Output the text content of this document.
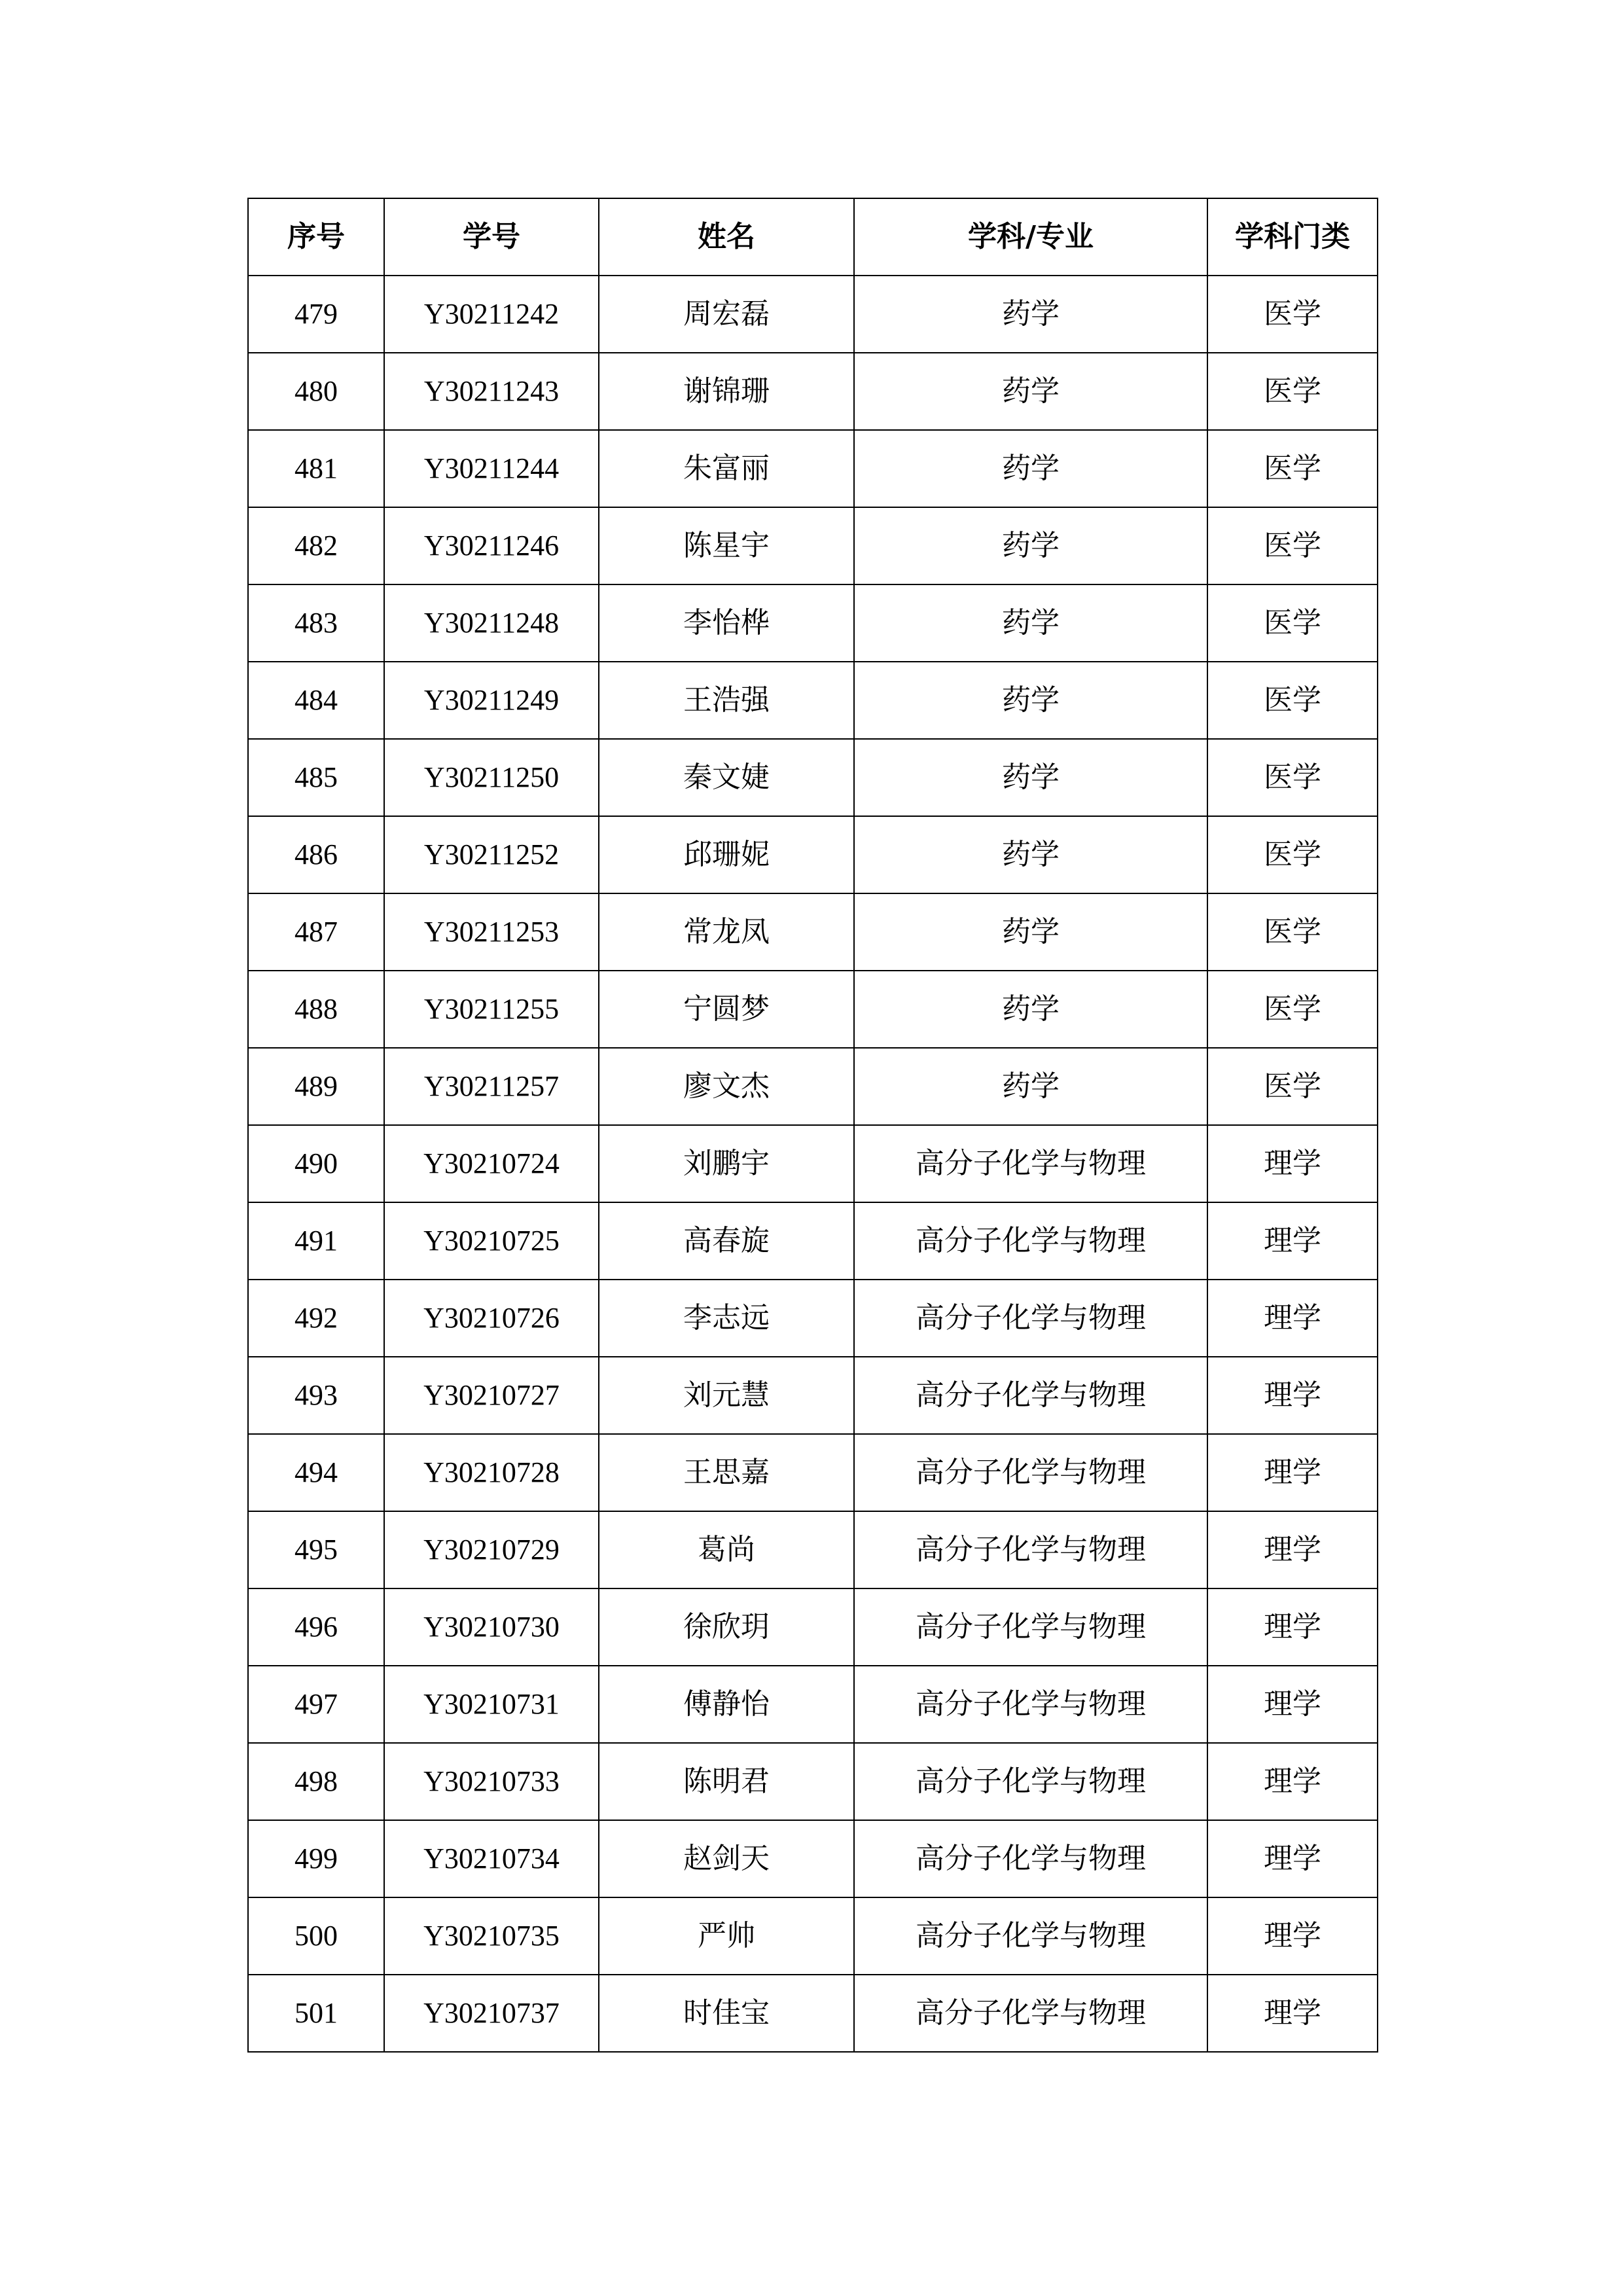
序号	学号	姓名	学科/专业	学科门类
479	Y30211242	周宏磊	药学	医学
480	Y30211243	谢锦珊	药学	医学
481	Y30211244	朱富丽	药学	医学
482	Y30211246	陈星宇	药学	医学
483	Y30211248	李怡桦	药学	医学
484	Y30211249	王浩强	药学	医学
485	Y30211250	秦文婕	药学	医学
486	Y30211252	邱珊妮	药学	医学
487	Y30211253	常龙凤	药学	医学
488	Y30211255	宁圆梦	药学	医学
489	Y30211257	廖文杰	药学	医学
490	Y30210724	刘鹏宇	高分子化学与物理	理学
491	Y30210725	高春旋	高分子化学与物理	理学
492	Y30210726	李志远	高分子化学与物理	理学
493	Y30210727	刘元慧	高分子化学与物理	理学
494	Y30210728	王思嘉	高分子化学与物理	理学
495	Y30210729	葛尚	高分子化学与物理	理学
496	Y30210730	徐欣玥	高分子化学与物理	理学
497	Y30210731	傅静怡	高分子化学与物理	理学
498	Y30210733	陈明君	高分子化学与物理	理学
499	Y30210734	赵剑天	高分子化学与物理	理学
500	Y30210735	严帅	高分子化学与物理	理学
501	Y30210737	时佳宝	高分子化学与物理	理学
